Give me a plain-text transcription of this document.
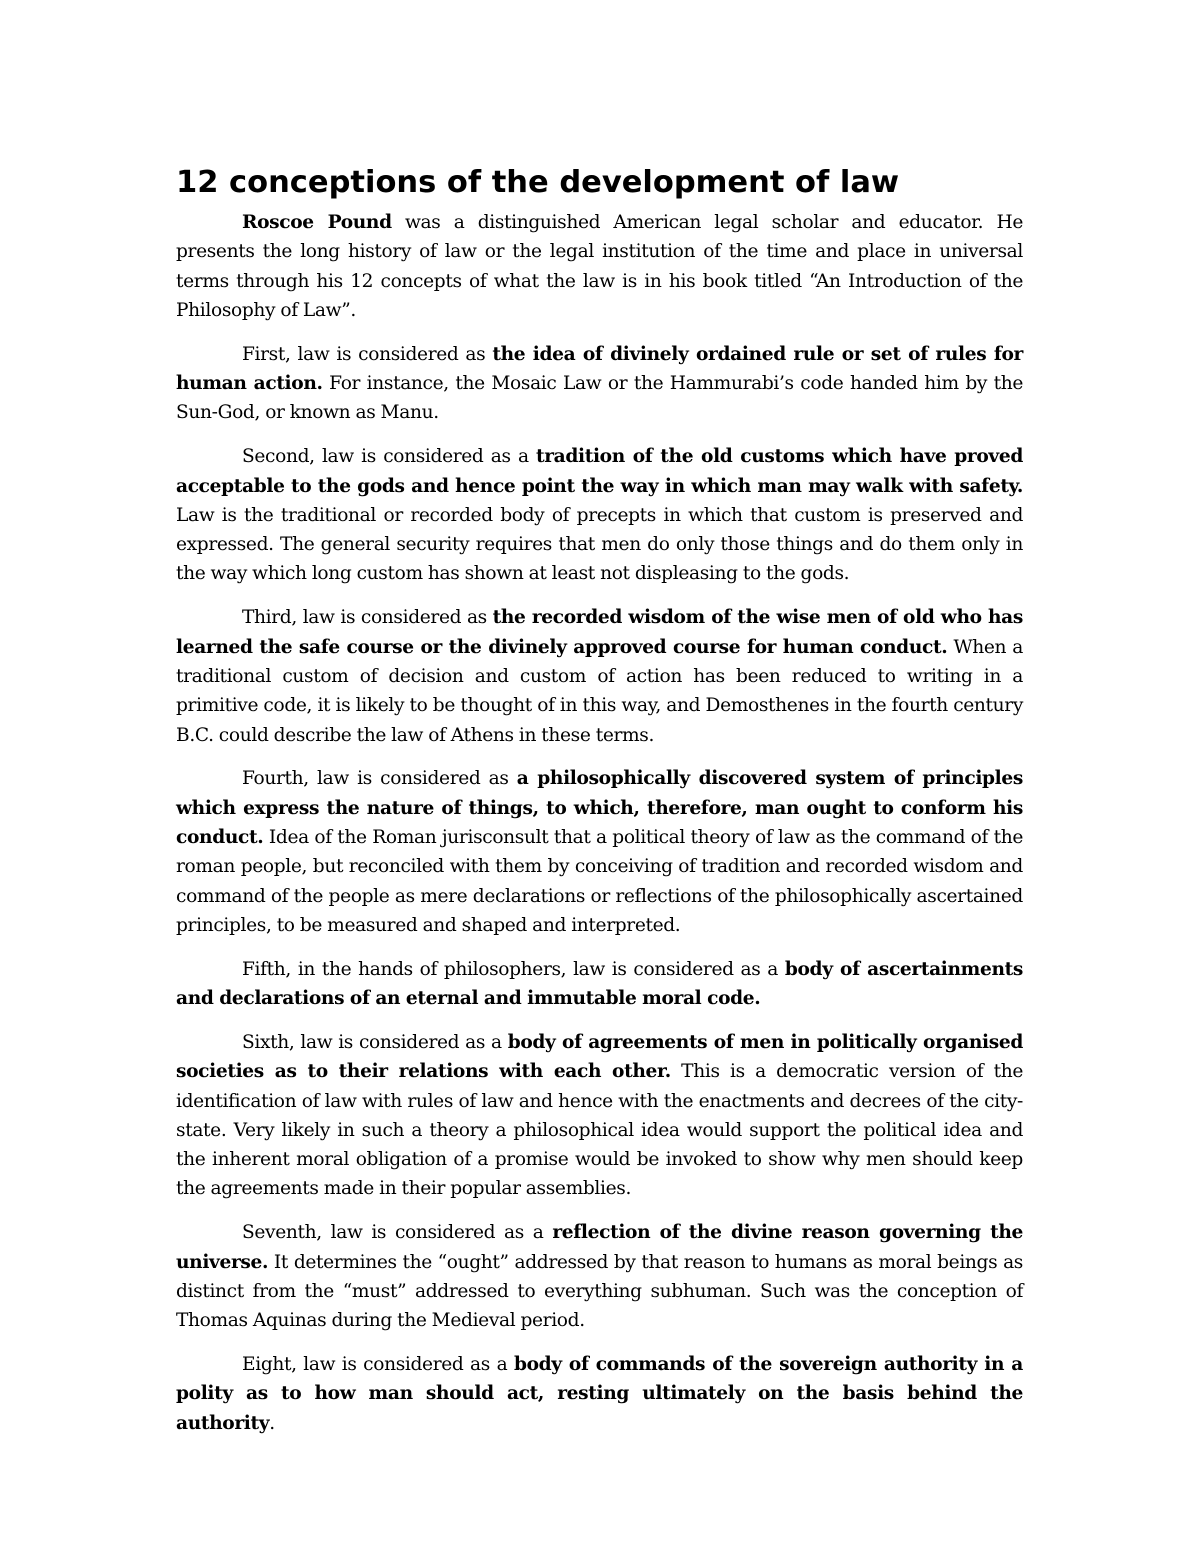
12 conceptions of the development of law

Roscoe Pound was a distinguished American legal scholar and educator. He presents the long history of law or the legal institution of the time and place in universal terms through his 12 concepts of what the law is in his book titled “An Introduction of the Philosophy of Law”.

First, law is considered as the idea of divinely ordained rule or set of rules for human action. For instance, the Mosaic Law or the Hammurabi’s code handed him by the Sun-God, or known as Manu.

Second, law is considered as a tradition of the old customs which have proved acceptable to the gods and hence point the way in which man may walk with safety. Law is the traditional or recorded body of precepts in which that custom is preserved and expressed. The general security requires that men do only those things and do them only in the way which long custom has shown at least not displeasing to the gods.

Third, law is considered as the recorded wisdom of the wise men of old who has learned the safe course or the divinely approved course for human conduct. When a traditional custom of decision and custom of action has been reduced to writing in a primitive code, it is likely to be thought of in this way, and Demosthenes in the fourth century B.C. could describe the law of Athens in these terms.

Fourth, law is considered as a philosophically discovered system of principles which express the nature of things, to which, therefore, man ought to conform his conduct. Idea of the Roman jurisconsult that a political theory of law as the command of the roman people, but reconciled with them by conceiving of tradition and recorded wisdom and command of the people as mere declarations or reflections of the philosophically ascertained principles, to be measured and shaped and interpreted.

Fifth, in the hands of philosophers, law is considered as a body of ascertainments and declarations of an eternal and immutable moral code.

Sixth, law is considered as a body of agreements of men in politically organised societies as to their relations with each other. This is a democratic version of the identification of law with rules of law and hence with the enactments and decrees of the city-state. Very likely in such a theory a philosophical idea would support the political idea and the inherent moral obligation of a promise would be invoked to show why men should keep the agreements made in their popular assemblies.

Seventh, law is considered as a reflection of the divine reason governing the universe. It determines the “ought” addressed by that reason to humans as moral beings as distinct from the “must” addressed to everything subhuman. Such was the conception of Thomas Aquinas during the Medieval period.

Eight, law is considered as a body of commands of the sovereign authority in a polity as to how man should act, resting ultimately on the basis behind the authority.
